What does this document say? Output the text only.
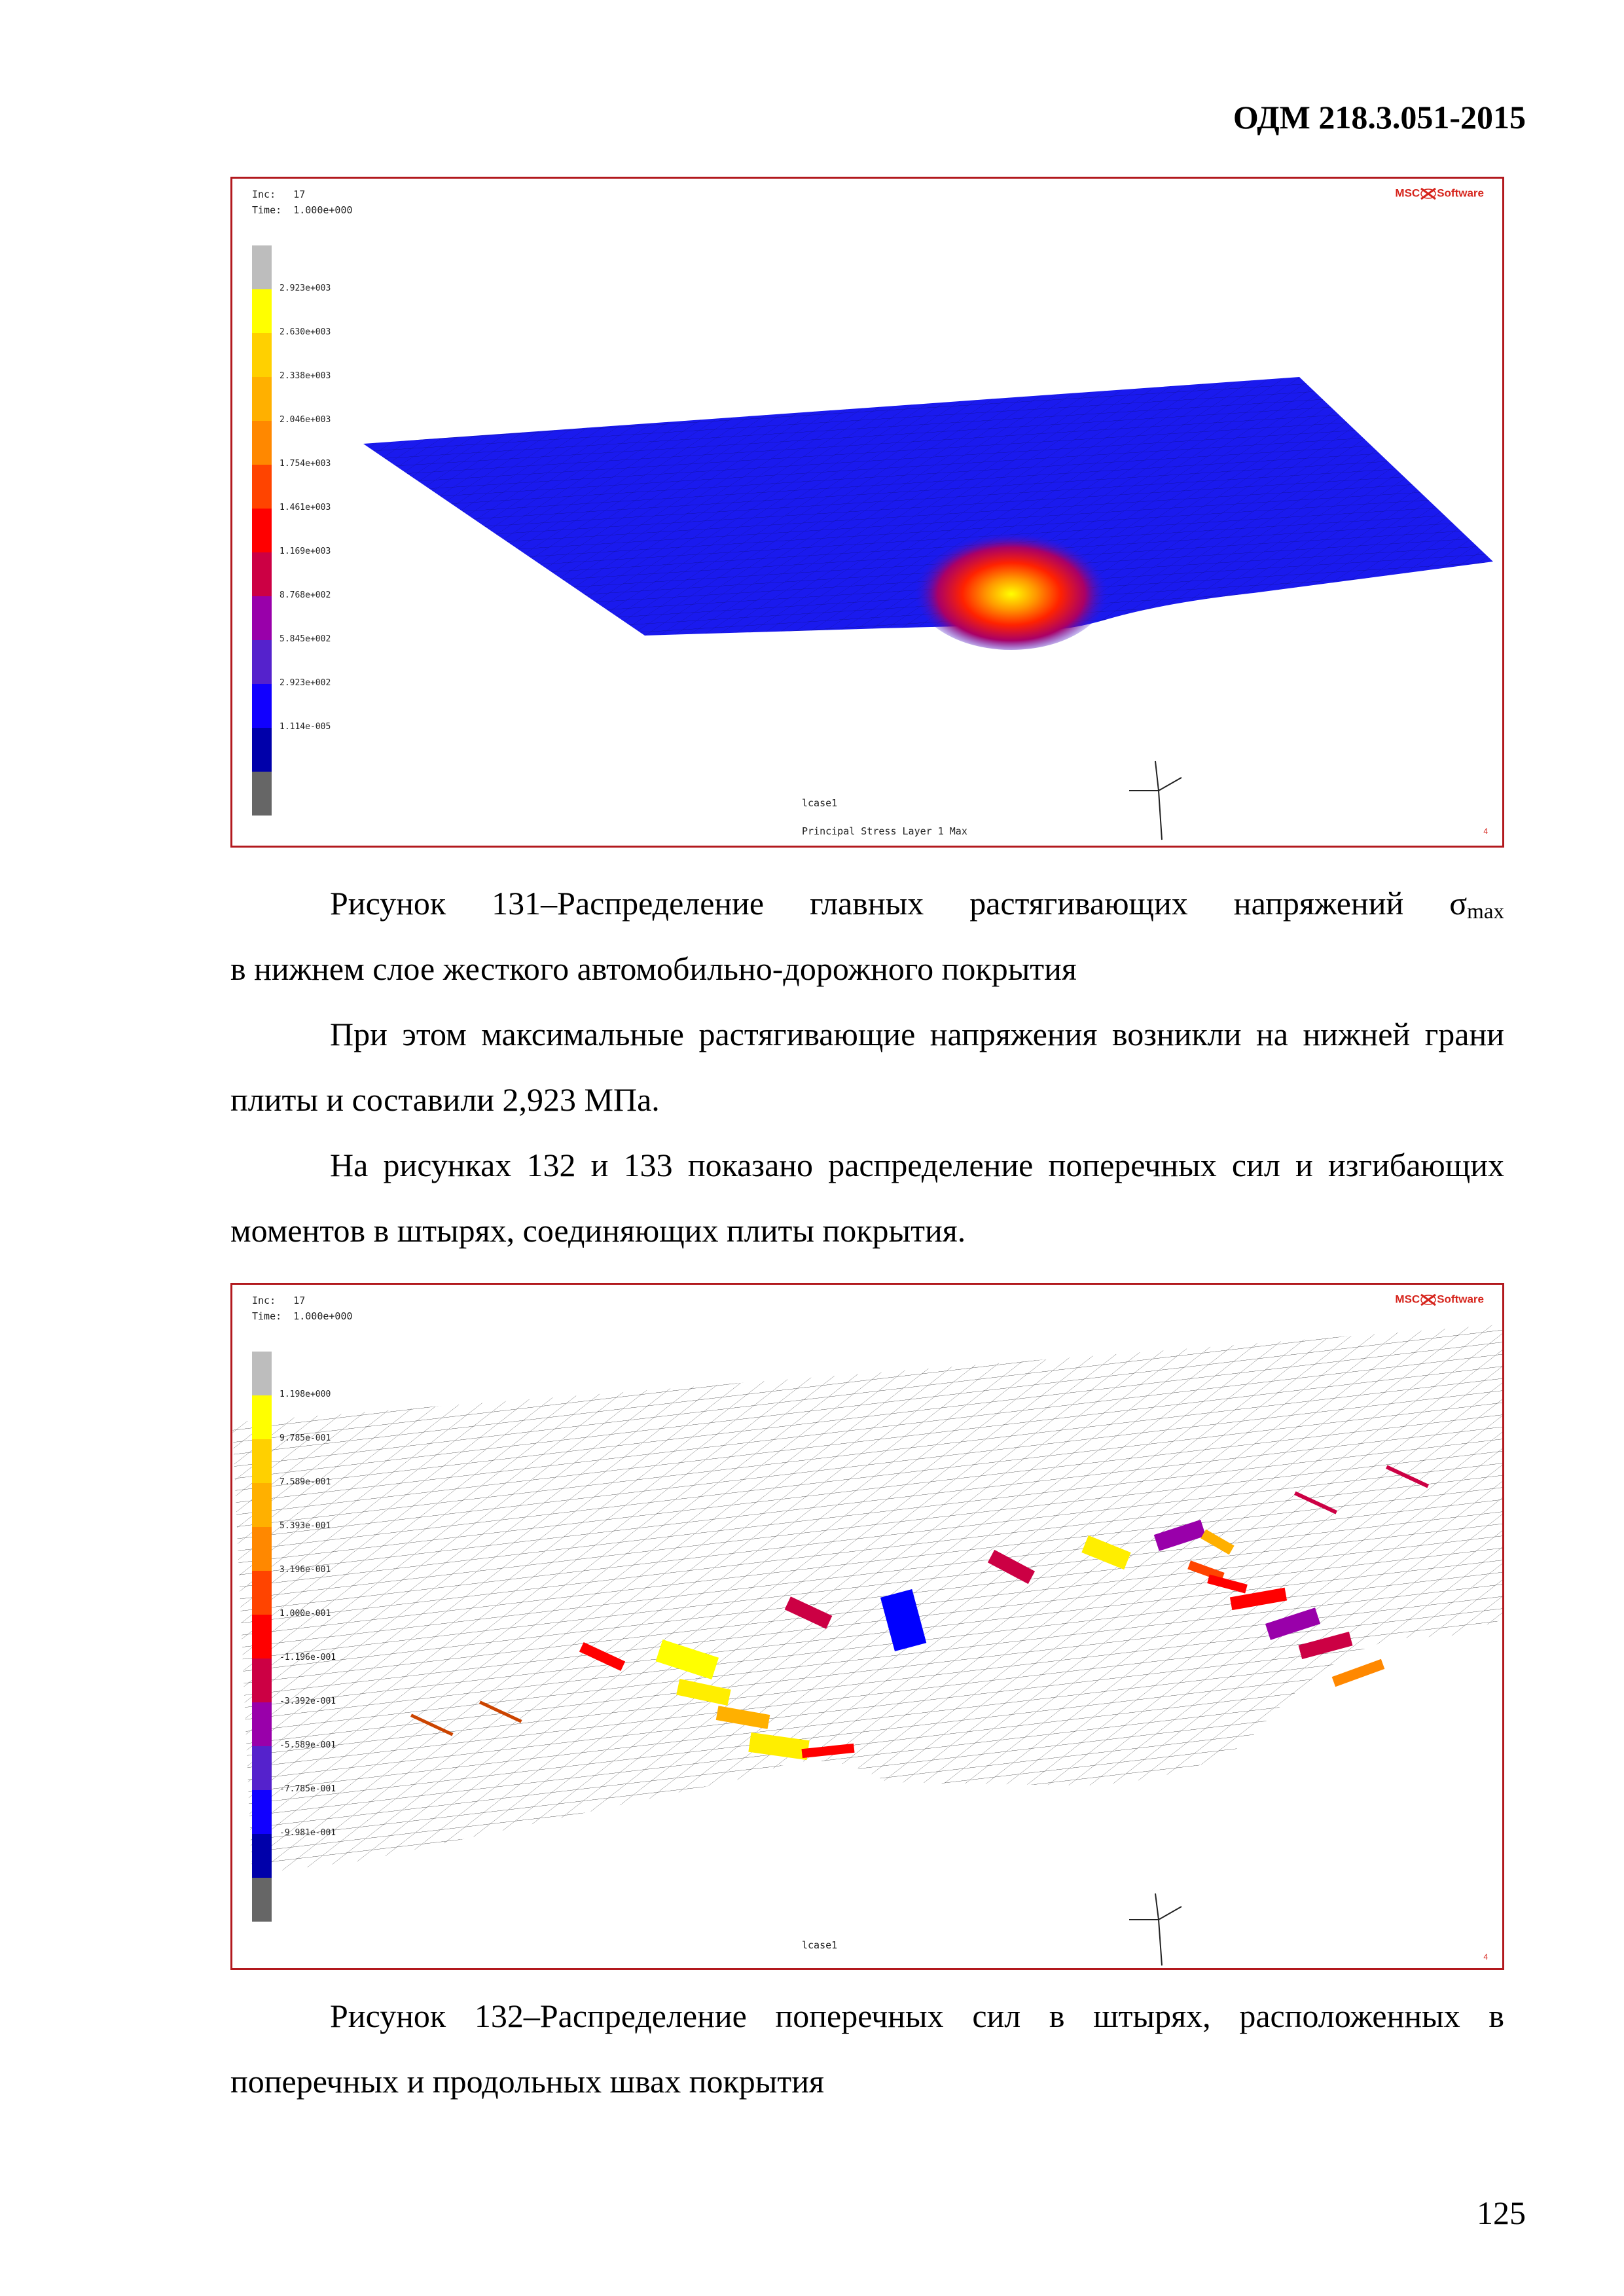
ОДМ 218.3.051-2015
Inc: 17
Time: 1.000e+000
MSC Software
2.923e+003
2.630e+003
2.338e+003
2.046e+003
1.754e+003
1.461e+003
1.169e+003
8.768e+002
5.845e+002
2.923e+002
1.114e-005
lcase1
Principal Stress Layer 1 Max	4
Рисунок 131–Распределение главных растягивающих напряжений σmax
в нижнем слое жесткого автомобильно-дорожного покрытия
При этом максимальные растягивающие напряжения возникли на нижней грани плиты и составили 2,923 МПа.
На рисунках 132 и 133 показано распределение поперечных сил и изгибающих моментов в штырях, соединяющих плиты покрытия.
Inc: 17
Time: 1.000e+000
MSC Software
1.198e+000
9.785e-001
7.589e-001
5.393e-001
3.196e-001
1.000e-001
-1.196e-001
-3.392e-001
-5.589e-001
-7.785e-001
-9.981e-001
lcase1
4
Рисунок 132–Распределение поперечных сил в штырях, расположенных в поперечных и продольных швах покрытия
125
